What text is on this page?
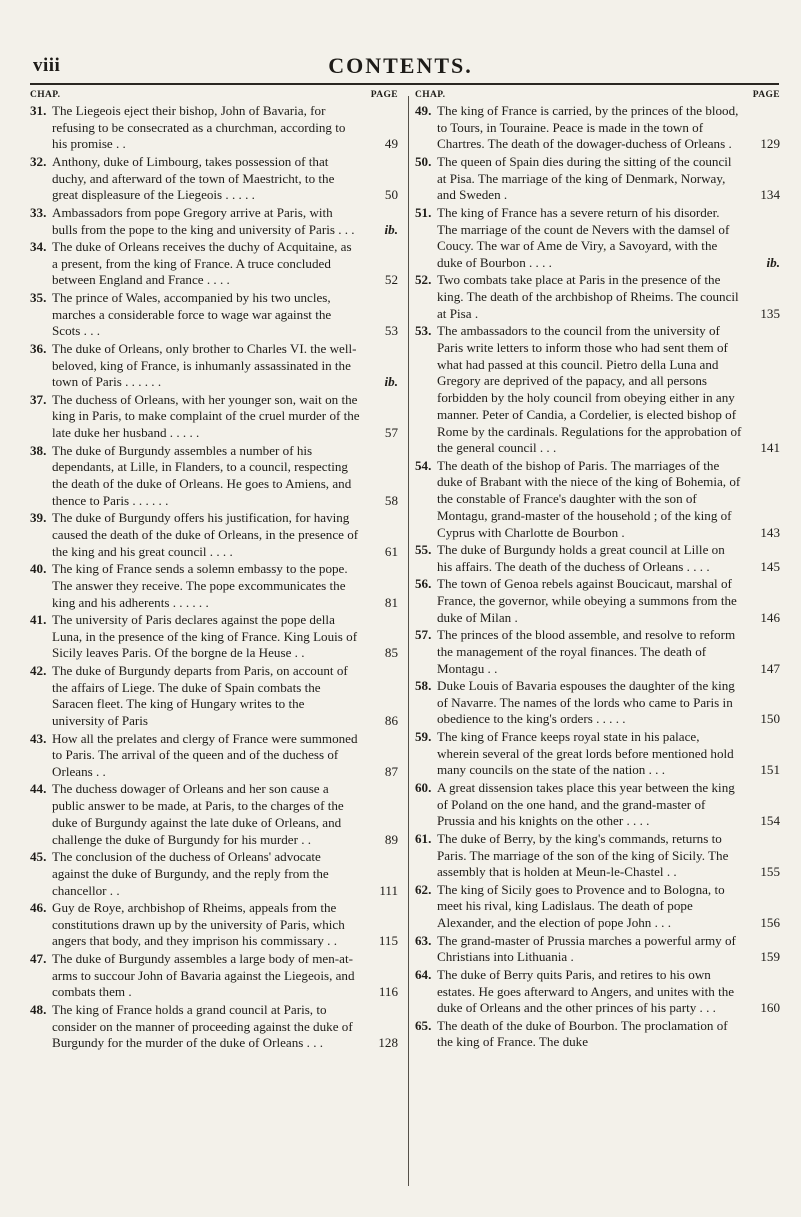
viii	CONTENTS.
CHAP.	PAGE
31. The Liegeois eject their bishop, John of Bavaria, for refusing to be consecrated as a churchman, according to his promise . .	49
32. Anthony, duke of Limbourg, takes possession of that duchy, and afterward of the town of Maestricht, to the great displeasure of the Liegeois . . . . .	50
33. Ambassadors from pope Gregory arrive at Paris, with bulls from the pope to the king and university of Paris . . .	ib.
34. The duke of Orleans receives the duchy of Acquitaine, as a present, from the king of France. A truce concluded between England and France . . . .	52
35. The prince of Wales, accompanied by his two uncles, marches a considerable force to wage war against the Scots . . .	53
36. The duke of Orleans, only brother to Charles VI. the well-beloved, king of France, is inhumanly assassinated in the town of Paris . . . . . .	ib.
37. The duchess of Orleans, with her younger son, wait on the king in Paris, to make complaint of the cruel murder of the late duke her husband . . . . .	57
38. The duke of Burgundy assembles a number of his dependants, at Lille, in Flanders, to a council, respecting the death of the duke of Orleans. He goes to Amiens, and thence to Paris . . . . . .	58
39. The duke of Burgundy offers his justification, for having caused the death of the duke of Orleans, in the presence of the king and his great council . . . .	61
40. The king of France sends a solemn embassy to the pope. The answer they receive. The pope excommunicates the king and his adherents . . . . . .	81
41. The university of Paris declares against the pope della Luna, in the presence of the king of France. King Louis of Sicily leaves Paris. Of the borgne de la Heuse . .	85
42. The duke of Burgundy departs from Paris, on account of the affairs of Liege. The duke of Spain combats the Saracen fleet. The king of Hungary writes to the university of Paris	86
43. How all the prelates and clergy of France were summoned to Paris. The arrival of the queen and of the duchess of Orleans . .	87
44. The duchess dowager of Orleans and her son cause a public answer to be made, at Paris, to the charges of the duke of Burgundy against the late duke of Orleans, and challenge the duke of Burgundy for his murder . .	89
45. The conclusion of the duchess of Orleans' advocate against the duke of Burgundy, and the reply from the chancellor . .	111
46. Guy de Roye, archbishop of Rheims, appeals from the constitutions drawn up by the university of Paris, which angers that body, and they imprison his commissary . .	115
47. The duke of Burgundy assembles a large body of men-at-arms to succour John of Bavaria against the Liegeois, and combats them .	116
48. The king of France holds a grand council at Paris, to consider on the manner of proceeding against the duke of Burgundy for the murder of the duke of Orleans . . .	128
CHAP.	PAGE
49. The king of France is carried, by the princes of the blood, to Tours, in Touraine. Peace is made in the town of Chartres. The death of the dowager-duchess of Orleans .	129
50. The queen of Spain dies during the sitting of the council at Pisa. The marriage of the king of Denmark, Norway, and Sweden .	134
51. The king of France has a severe return of his disorder. The marriage of the count de Nevers with the damsel of Coucy. The war of Ame de Viry, a Savoyard, with the duke of Bourbon . . . .	ib.
52. Two combats take place at Paris in the presence of the king. The death of the archbishop of Rheims. The council at Pisa .	135
53. The ambassadors to the council from the university of Paris write letters to inform those who had sent them of what had passed at this council. Pietro della Luna and Gregory are deprived of the papacy, and all persons forbidden by the holy council from obeying either in any manner. Peter of Candia, a Cordelier, is elected bishop of Rome by the cardinals. Regulations for the approbation of the general council . . .	141
54. The death of the bishop of Paris. The marriages of the duke of Brabant with the niece of the king of Bohemia, of the constable of France's daughter with the son of Montagu, grand-master of the household ; of the king of Cyprus with Charlotte de Bourbon .	143
55. The duke of Burgundy holds a great council at Lille on his affairs. The death of the duchess of Orleans . . . .	145
56. The town of Genoa rebels against Boucicaut, marshal of France, the governor, while obeying a summons from the duke of Milan .	146
57. The princes of the blood assemble, and resolve to reform the management of the royal finances. The death of Montagu . .	147
58. Duke Louis of Bavaria espouses the daughter of the king of Navarre. The names of the lords who came to Paris in obedience to the king's orders . . . . .	150
59. The king of France keeps royal state in his palace, wherein several of the great lords before mentioned hold many councils on the state of the nation . . .	151
60. A great dissension takes place this year between the king of Poland on the one hand, and the grand-master of Prussia and his knights on the other . . . .	154
61. The duke of Berry, by the king's commands, returns to Paris. The marriage of the son of the king of Sicily. The assembly that is holden at Meun-le-Chastel . .	155
62. The king of Sicily goes to Provence and to Bologna, to meet his rival, king Ladislaus. The death of pope Alexander, and the election of pope John . . .	156
63. The grand-master of Prussia marches a powerful army of Christians into Lithuania .	159
64. The duke of Berry quits Paris, and retires to his own estates. He goes afterward to Angers, and unites with the duke of Orleans and the other princes of his party . . .	160
65. The death of the duke of Bourbon. The proclamation of the king of France. The duke
